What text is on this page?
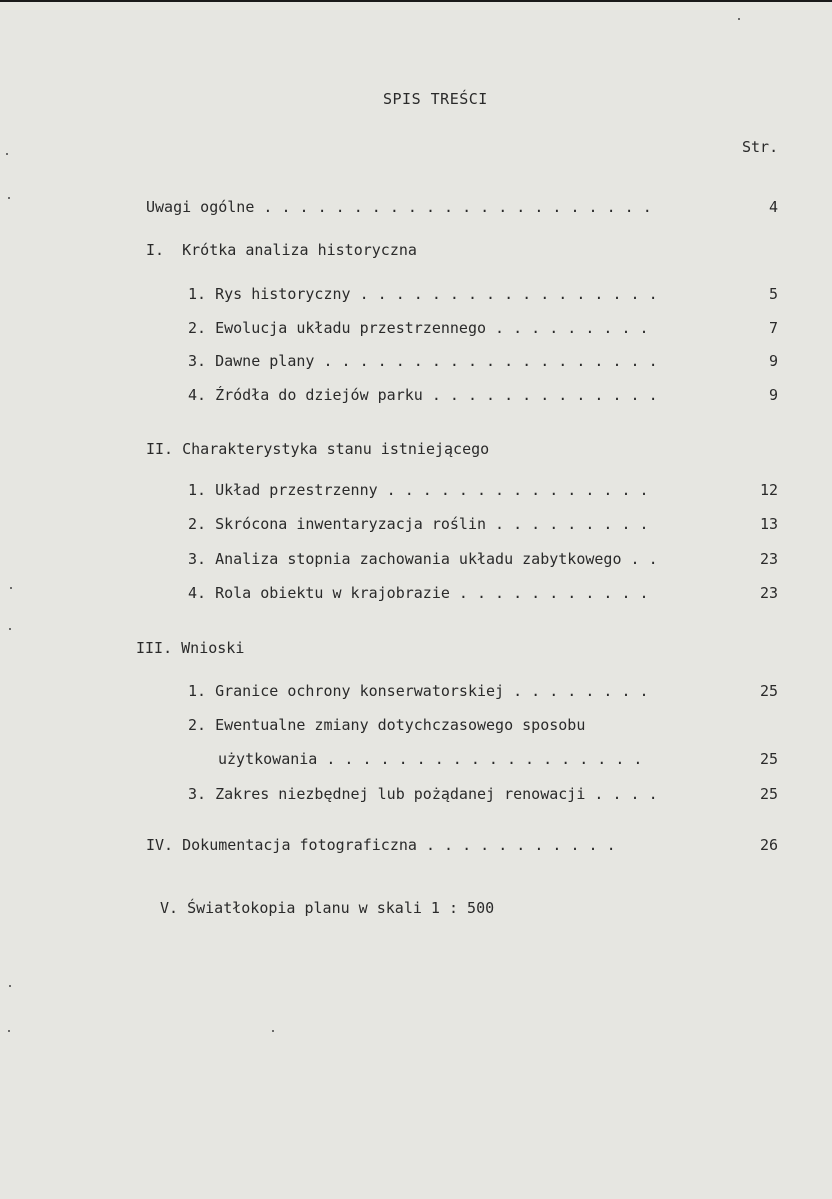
SPIS TREŚCI
Str.
Uwagi ogólne . . . . . . . . . . . . . . . . . . . . . .	4
I.  Krótka analiza historyczna
1. Rys historyczny . . . . . . . . . . . . . . . . .	5
2. Ewolucja układu przestrzennego . . . . . . . . .	7
3. Dawne plany . . . . . . . . . . . . . . . . . . .	9
4. Źródła do dziejów parku . . . . . . . . . . . . .	9
II. Charakterystyka stanu istniejącego
1. Układ przestrzenny . . . . . . . . . . . . . . .	12
2. Skrócona inwentaryzacja roślin . . . . . . . . .	13
3. Analiza stopnia zachowania układu zabytkowego . .	23
4. Rola obiektu w krajobrazie . . . . . . . . . . .	23
III. Wnioski
1. Granice ochrony konserwatorskiej . . . . . . . .	25
2. Ewentualne zmiany dotychczasowego sposobu
użytkowania . . . . . . . . . . . . . . . . . .	25
3. Zakres niezbędnej lub pożądanej renowacji . . . .	25
IV. Dokumentacja fotograficzna . . . . . . . . . . .	26
V. Światłokopia planu w skali 1 : 500
